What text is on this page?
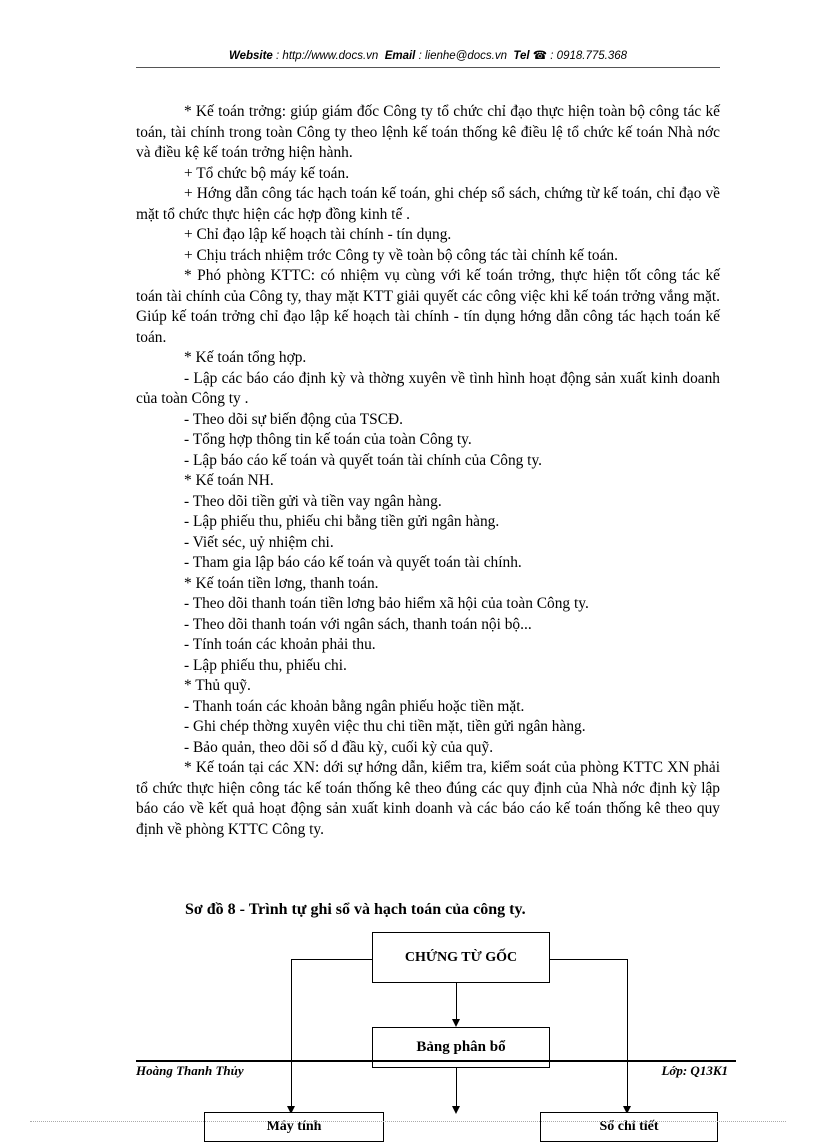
Website : http://www.docs.vn Email : lienhe@docs.vn Tel ☎ : 0918.775.368

* Kế toán trởng: giúp giám đốc Công ty tổ chức chỉ đạo thực hiện toàn bộ công tác kế toán, tài chính trong toàn Công ty theo lệnh kế toán thống kê điều lệ tổ chức kế toán Nhà nớc và điều kệ kế toán trởng hiện hành.

+ Tổ chức bộ máy kế toán.

+ Hớng dẫn công tác hạch toán kế toán, ghi chép sổ sách, chứng từ kế toán, chỉ đạo về mặt tổ chức thực hiện các hợp đồng kinh tế .

+ Chỉ đạo lập kế hoạch tài chính - tín dụng.

+ Chịu trách nhiệm trớc Công ty về toàn bộ công tác tài chính kế toán.

* Phó phòng KTTC: có nhiệm vụ cùng với kế toán trởng, thực hiện tốt công tác kế toán tài chính của Công ty, thay mặt KTT giải quyết các công việc khi kế toán trởng vắng mặt. Giúp kế toán trởng chỉ đạo lập kế hoạch tài chính - tín dụng hớng dẫn công tác hạch toán kế toán.

* Kế toán tổng hợp.

- Lập các báo cáo định kỳ và thờng xuyên về tình hình hoạt động sản xuất kinh doanh của toàn Công ty .

- Theo dõi sự biến động của TSCĐ.

- Tổng hợp thông tin kế toán của toàn Công ty.

- Lập báo cáo kế toán và quyết toán tài chính của Công ty.

* Kế toán NH.

- Theo dõi tiền gửi và tiền vay ngân hàng.

- Lập phiếu thu, phiếu chi bằng tiền gửi ngân hàng.

- Viết séc, uỷ nhiệm chi.

- Tham gia lập báo cáo kế toán và quyết toán tài chính.

* Kế toán tiền lơng, thanh toán.

- Theo dõi thanh toán tiền lơng bảo hiểm xã hội của toàn Công ty.

- Theo dõi thanh toán với ngân sách, thanh toán nội bộ...

- Tính toán các khoản phải thu.

- Lập phiếu thu, phiếu chi.

* Thủ quỹ.

- Thanh toán các khoản bằng ngân phiếu hoặc tiền mặt.

- Ghi chép thờng xuyên việc thu chi tiền mặt, tiền gửi ngân hàng.

- Bảo quản, theo dõi số d đầu kỳ, cuối kỳ của quỹ.

* Kế toán tại các XN: dới sự hớng dẫn, kiểm tra, kiểm soát của phòng KTTC XN phải tổ chức thực hiện công tác kế toán thống kê theo đúng các quy định của Nhà nớc định kỳ lập báo cáo về kết quả hoạt động sản xuất kinh doanh và các báo cáo kế toán thống kê theo quy định về phòng KTTC Công ty.

Sơ đồ 8 - Trình tự ghi sổ và hạch toán của công ty.
CHỨNG TỪ GỐC
Bảng phân bổ
Hoàng Thanh Thủy	Lớp: Q13K1
Máy tính	Sổ chi tiết
